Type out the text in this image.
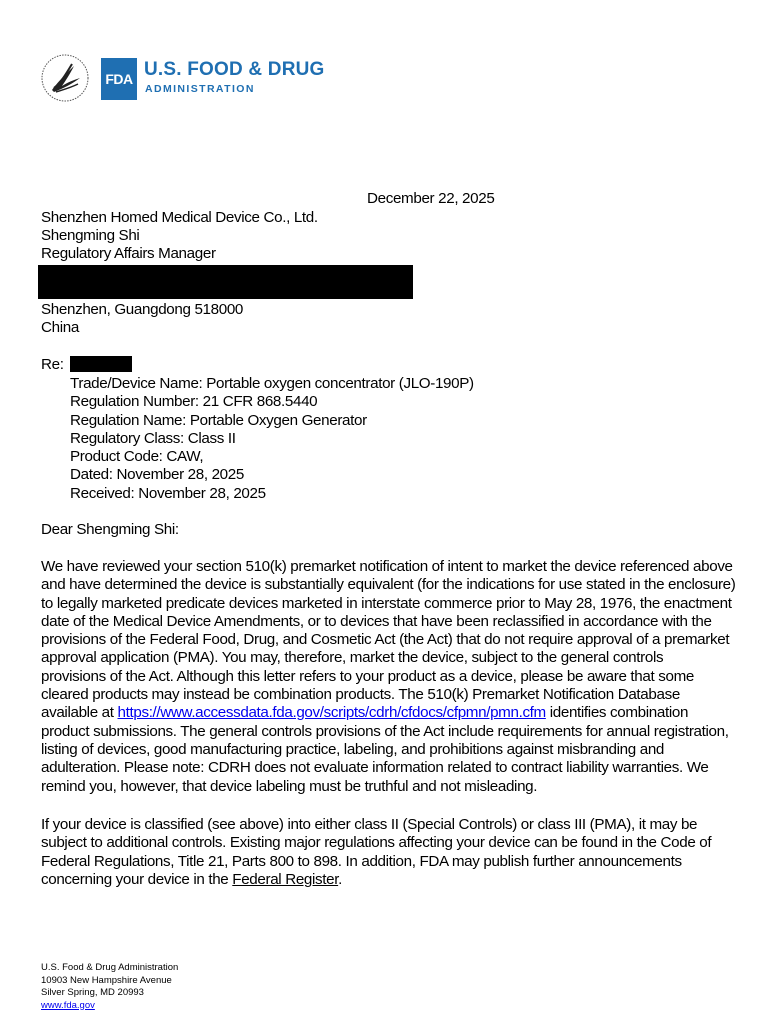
FDA U.S. FOOD & DRUG
ADMINISTRATION
December 22, 2025
Shenzhen Homed Medical Device Co., Ltd.
Shengming Shi
Regulatory Affairs Manager
Shenzhen, Guangdong 518000
China
Re:
Trade/Device Name: Portable oxygen concentrator (JLO-190P)
Regulation Number: 21 CFR 868.5440
Regulation Name: Portable Oxygen Generator
Regulatory Class: Class II
Product Code: CAW,
Dated: November 28, 2025
Received: November 28, 2025
Dear Shengming Shi:
We have reviewed your section 510(k) premarket notification of intent to market the device referenced above
and have determined the device is substantially equivalent (for the indications for use stated in the enclosure)
to legally marketed predicate devices marketed in interstate commerce prior to May 28, 1976, the enactment
date of the Medical Device Amendments, or to devices that have been reclassified in accordance with the
provisions of the Federal Food, Drug, and Cosmetic Act (the Act) that do not require approval of a premarket
approval application (PMA). You may, therefore, market the device, subject to the general controls
provisions of the Act. Although this letter refers to your product as a device, please be aware that some
cleared products may instead be combination products. The 510(k) Premarket Notification Database
available at https://www.accessdata.fda.gov/scripts/cdrh/cfdocs/cfpmn/pmn.cfm identifies combination
product submissions. The general controls provisions of the Act include requirements for annual registration,
listing of devices, good manufacturing practice, labeling, and prohibitions against misbranding and
adulteration. Please note: CDRH does not evaluate information related to contract liability warranties. We
remind you, however, that device labeling must be truthful and not misleading.
If your device is classified (see above) into either class II (Special Controls) or class III (PMA), it may be
subject to additional controls. Existing major regulations affecting your device can be found in the Code of
Federal Regulations, Title 21, Parts 800 to 898. In addition, FDA may publish further announcements
concerning your device in the Federal Register.
U.S. Food & Drug Administration
10903 New Hampshire Avenue
Silver Spring, MD 20993
www.fda.gov
